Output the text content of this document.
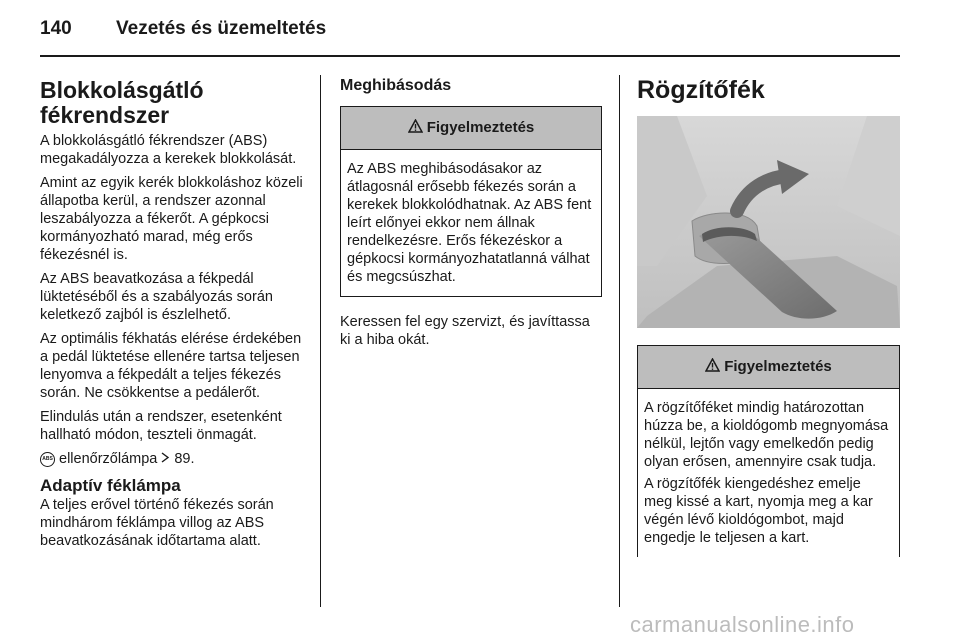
140	Vezetés és üzemeltetés
Blokkolásgátló fékrendszer

A blokkolásgátló fékrendszer (ABS) megakadályozza a kerekek blokkolását.

Amint az egyik kerék blokkoláshoz közeli állapotba kerül, a rendszer azonnal leszabályozza a fékerőt. A gépkocsi kormányozható marad, még erős fékezésnél is.

Az ABS beavatkozása a fékpedál lüktetéséből és a szabályozás során keletkező zajból is észlelhető.

Az optimális fékhatás elérése érdekében a pedál lüktetése ellenére tartsa teljesen lenyomva a fékpedált a teljes fékezés során. Ne csökkentse a pedálerőt.

Elindulás után a rendszer, esetenként hallható módon, teszteli önmagát.

ABS ellenőrzőlámpa 89.
Adaptív féklámpa

A teljes erővel történő fékezés során mindhárom féklámpa villog az ABS beavatkozásának időtartama alatt.

Meghibásodás
Figyelmeztetés

Az ABS meghibásodásakor az átlagosnál erősebb fékezés során a kerekek blokkolódhatnak. Az ABS fent leírt előnyei ekkor nem állnak rendelkezésre. Erős fékezéskor a gépkocsi kormányozhatatlanná válhat és megcsúszhat.

Keressen fel egy szervizt, és javíttassa ki a hiba okát.

Rögzítőfék
Figyelmeztetés

A rögzítőféket mindig határozottan húzza be, a kioldógomb megnyomása nélkül, lejtőn vagy emelkedőn pedig olyan erősen, amennyire csak tudja.

A rögzítőfék kiengedéshez emelje meg kissé a kart, nyomja meg a kar végén lévő kioldógombot, majd engedje le teljesen a kart.

carmanualsonline.info
